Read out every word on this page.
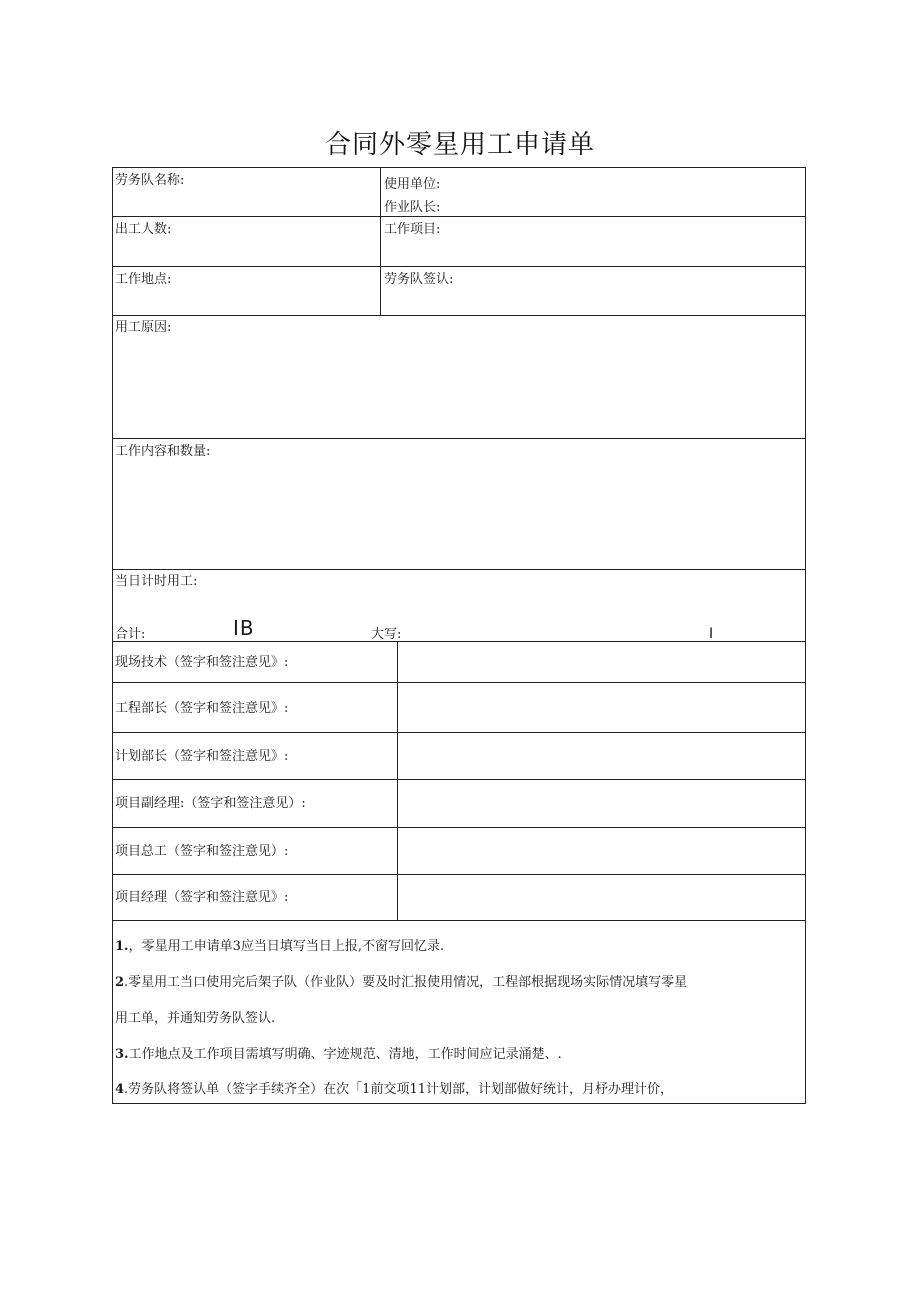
合同外零星用工申请单
劳务队名称:	使用单位:
作业队长:
出工人数:	工作项目:
工作地点:	劳务队签认:
用工原因:
工作内容和数量:
当日计时用工:
合计:	IB	大写:	I
现场技术（签字和签注意见》:
工程部长（签字和签注意见》:
计划部长（签字和签注意见》:
项目副经理:（签字和签注意见）:
项目总工（签字和签注意见）:
项目经理（签字和签注意见》:
1.，零星用工申请单3应当日填写当日上报,不窗写回忆录.
2.零星用工当口使用完后架子队（作业队）要及时汇报使用情况，工程部根据现场实际情况填写零星
用工单，并通知劳务队签认.
3.工作地点及工作项目需填写明确、字迹规范、清地，工作时间应记录涌楚、.
4.劳务队将签认单（签字手续齐全）在次「1前交项11计划部，计划部做好统计，月杼办理计价，
